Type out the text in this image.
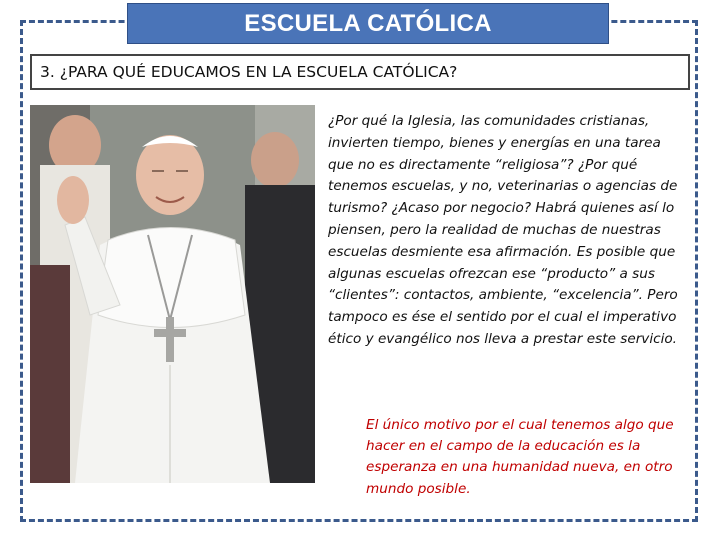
ESCUELA CATÓLICA
3. ¿PARA QUÉ EDUCAMOS EN LA ESCUELA CATÓLICA?
¿Por qué la Iglesia, las comunidades cristianas, invierten tiempo, bienes y energías en una tarea que no es directamente “religiosa”? ¿Por qué tenemos escuelas, y no, veterinarias o agencias de turismo? ¿Acaso por negocio? Habrá quienes así lo piensen, pero la realidad de muchas de nuestras escuelas desmiente esa afirmación. Es posible que algunas escuelas ofrezcan ese “producto” a sus “clientes”: contactos, ambiente, “excelencia”. Pero tampoco es ése el sentido por el cual el imperativo ético y evangélico nos lleva a prestar este servicio.
El único motivo por el cual tenemos algo que hacer en el campo de la educación es la esperanza en una humanidad nueva, en otro mundo posible.
